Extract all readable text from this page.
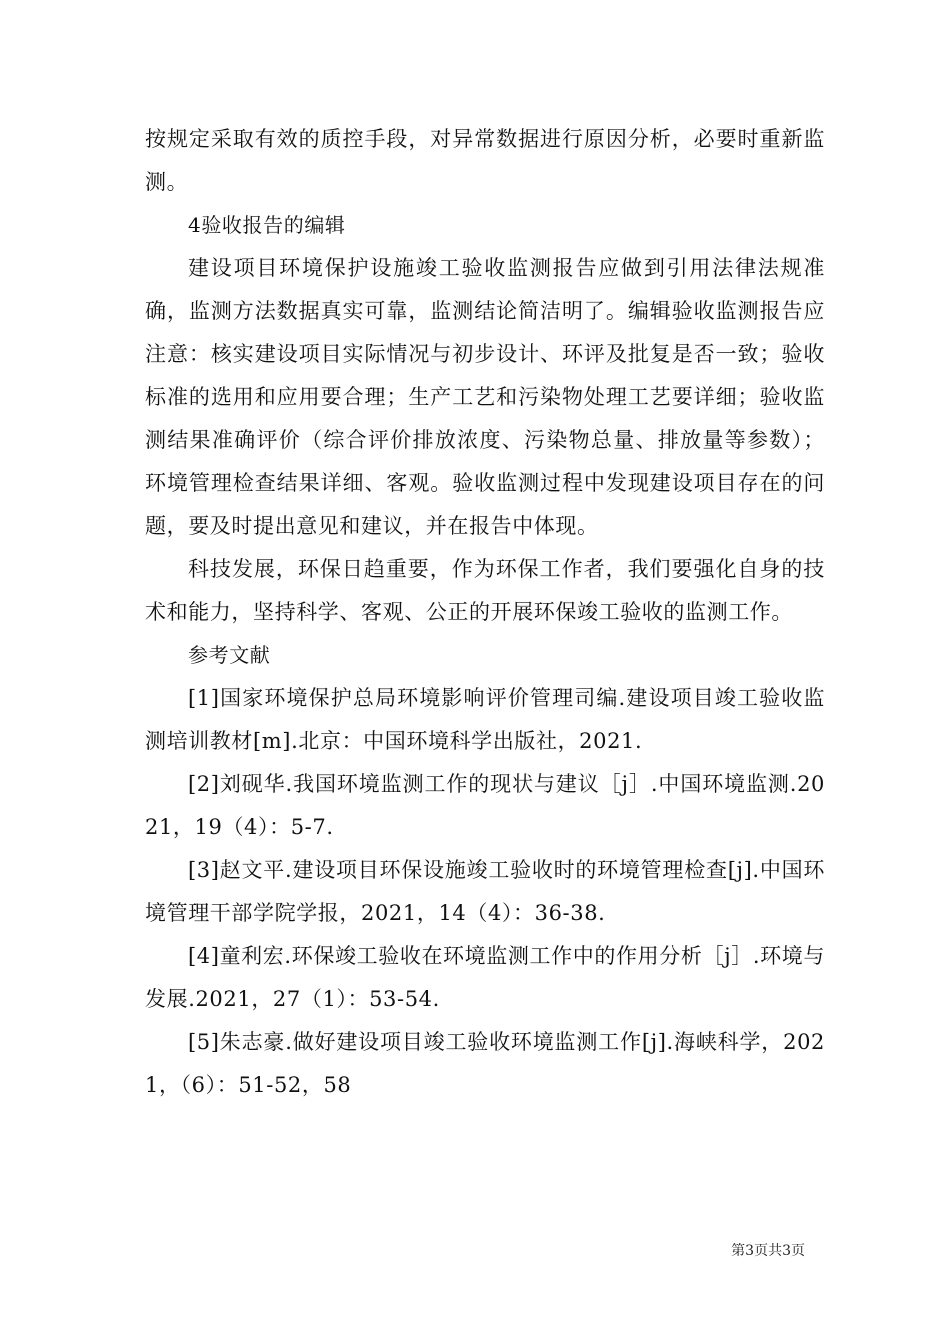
按规定采取有效的质控手段，对异常数据进行原因分析，必要时重新监测。

4验收报告的编辑

建设项目环境保护设施竣工验收监测报告应做到引用法律法规准确，监测方法数据真实可靠，监测结论简洁明了。编辑验收监测报告应注意：核实建设项目实际情况与初步设计、环评及批复是否一致；验收标准的选用和应用要合理；生产工艺和污染物处理工艺要详细；验收监测结果准确评价（综合评价排放浓度、污染物总量、排放量等参数）；环境管理检查结果详细、客观。验收监测过程中发现建设项目存在的问题，要及时提出意见和建议，并在报告中体现。

科技发展，环保日趋重要，作为环保工作者，我们要强化自身的技术和能力，坚持科学、客观、公正的开展环保竣工验收的监测工作。

参考文献

[1]国家环境保护总局环境影响评价管理司编.建设项目竣工验收监测培训教材[m].北京：中国环境科学出版社，2021.

[2]刘砚华.我国环境监测工作的现状与建议［j］.中国环境监测.2021，19（4）：5-7.

[3]赵文平.建设项目环保设施竣工验收时的环境管理检查[j].中国环境管理干部学院学报，2021，14（4）：36-38.

[4]童利宏.环保竣工验收在环境监测工作中的作用分析［j］.环境与发展.2021，27（1）：53-54.

[5]朱志豪.做好建设项目竣工验收环境监测工作[j].海峡科学，2021，（6）：51-52，58

第3页共3页
